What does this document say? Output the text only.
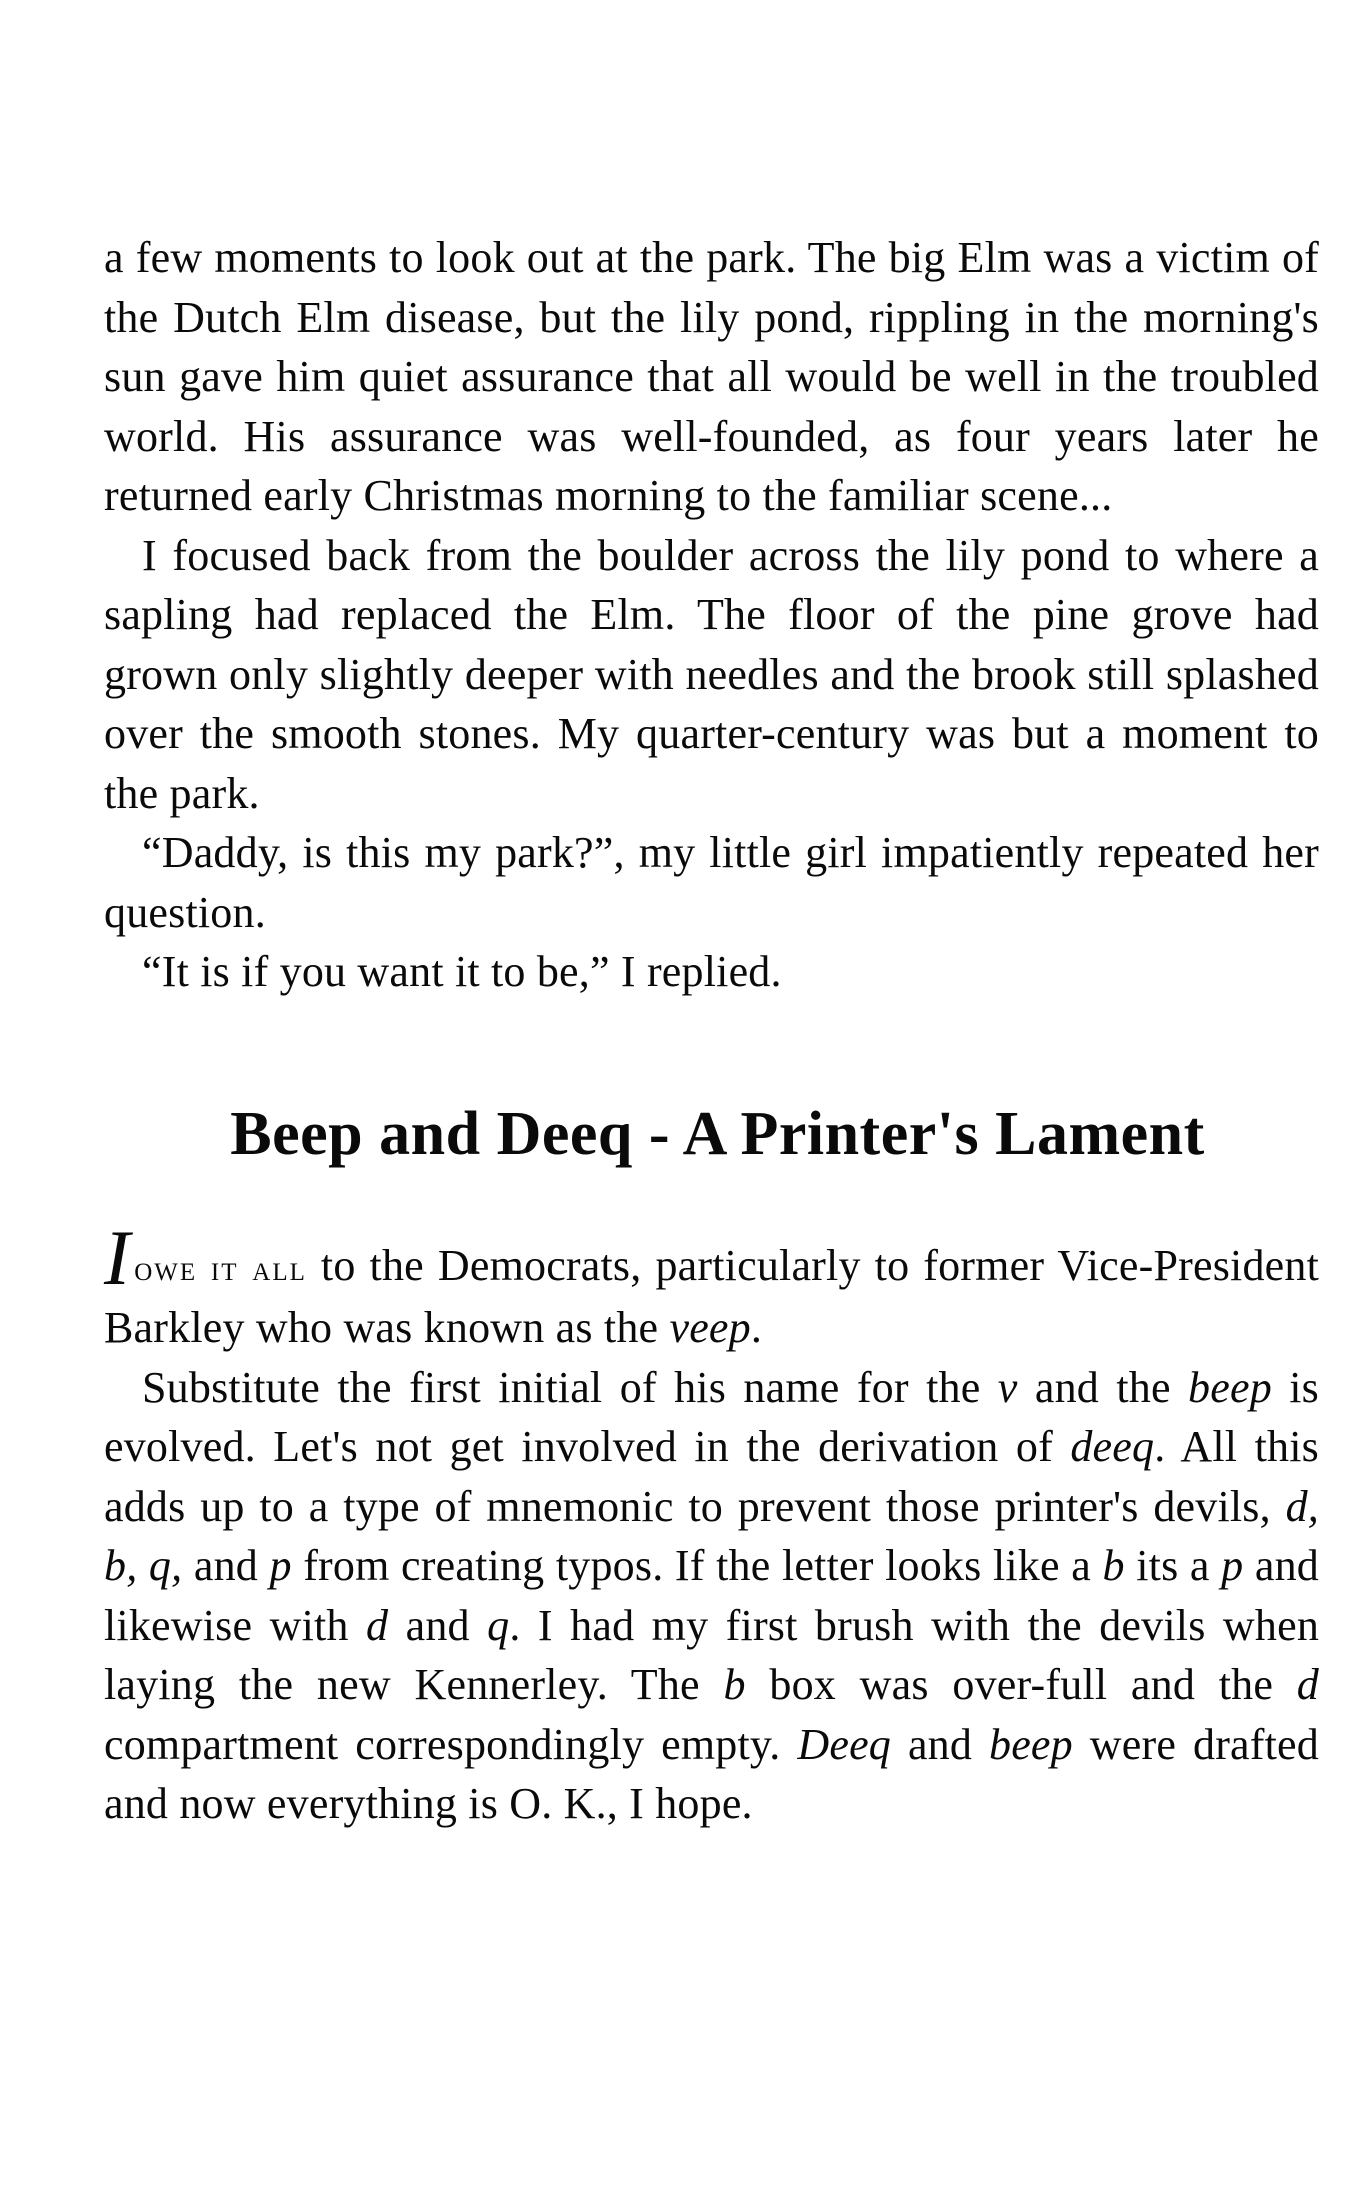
a few moments to look out at the park. The big Elm was a victim of the Dutch Elm disease, but the lily pond, rippling in the morning's sun gave him quiet assurance that all would be well in the troubled world. His assurance was well-founded, as four years later he returned early Christmas morning to the familiar scene...

I focused back from the boulder across the lily pond to where a sapling had replaced the Elm. The floor of the pine grove had grown only slightly deeper with needles and the brook still splashed over the smooth stones. My quarter-century was but a moment to the park.

“Daddy, is this my park?”, my little girl impatiently repeated her question.

“It is if you want it to be,” I replied.

Beep and Deeq - A Printer's Lament

Iowe it all to the Democrats, particularly to former Vice-President Barkley who was known as the veep.

Substitute the first initial of his name for the v and the beep is evolved. Let's not get involved in the derivation of deeq. All this adds up to a type of mnemonic to prevent those printer's devils, d, b, q, and p from creating typos. If the letter looks like a b its a p and likewise with d and q. I had my first brush with the devils when laying the new Kennerley. The b box was over-full and the d compartment correspondingly empty. Deeq and beep were drafted and now everything is O. K., I hope.
